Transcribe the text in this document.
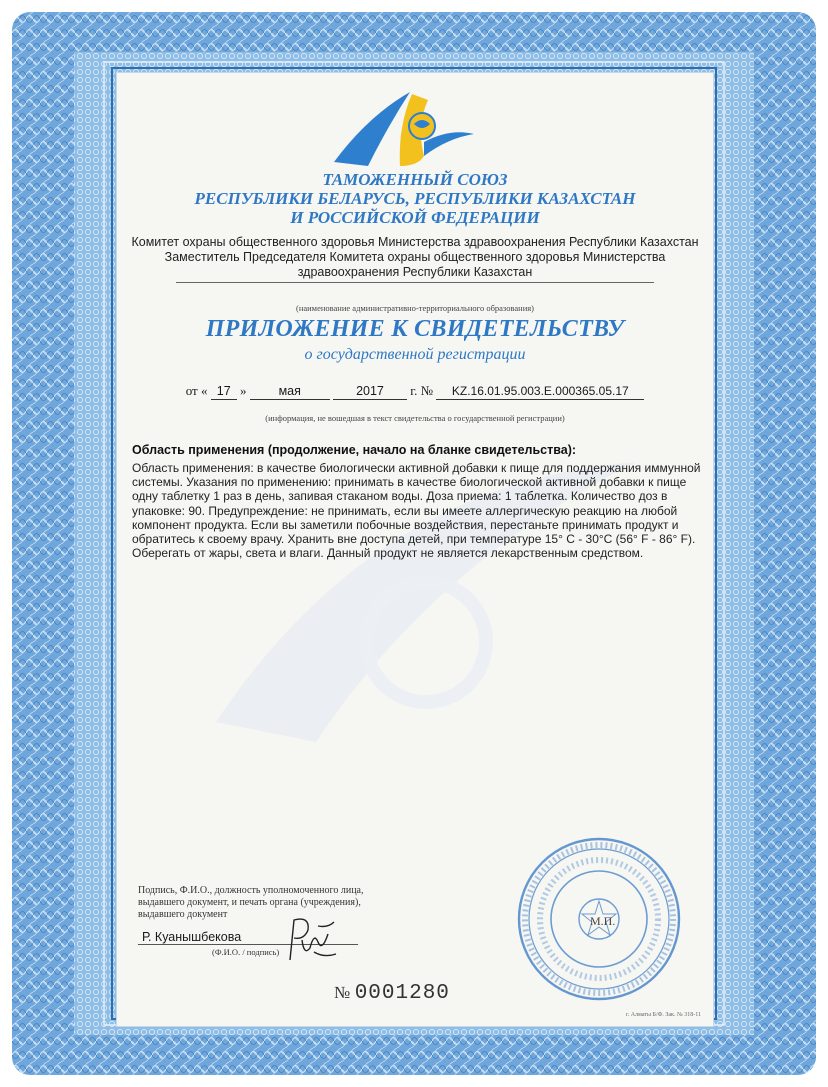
ТАМОЖЕННЫЙ СОЮЗ
РЕСПУБЛИКИ БЕЛАРУСЬ, РЕСПУБЛИКИ КАЗАХСТАН
И РОССИЙСКОЙ ФЕДЕРАЦИИ
Комитет охраны общественного здоровья Министерства здравоохранения Республики Казахстан
Заместитель Председателя Комитета охраны общественного здоровья Министерства
здравоохранения Республики Казахстан
(наименование административно-территориального образования)
ПРИЛОЖЕНИЕ К СВИДЕТЕЛЬСТВУ
о государственной регистрации
от « 17 »	мая	2017 г. № KZ.16.01.95.003.E.000365.05.17
(информация, не вошедшая в текст свидетельства о государственной регистрации)
Область применения (продолжение, начало на бланке свидетельства):
Область применения: в качестве биологически активной добавки к пище для поддержания иммунной системы. Указания по применению: принимать в качестве биологической активной добавки к пище одну таблетку 1 раз в день, запивая стаканом воды. Доза приема: 1 таблетка. Количество доз в упаковке: 90. Предупреждение: не принимать, если вы имеете аллергическую реакцию на любой компонент продукта. Если вы заметили побочные воздействия, перестаньте принимать продукт и обратитесь к своему врачу. Хранить вне доступа детей, при температуре 15° C - 30°C (56° F - 86° F). Оберегать от жары, света и влаги. Данный продукт не является лекарственным средством.
Подпись, Ф.И.О., должность уполномоченного лица,
выдавшего документ, и печать органа (учреждения),
выдавшего документ
Р. Куанышбекова
(Ф.И.О. / подпись)
М.П.
№ 0001280
г. Алматы Б/Ф. Зак. № 318-11
